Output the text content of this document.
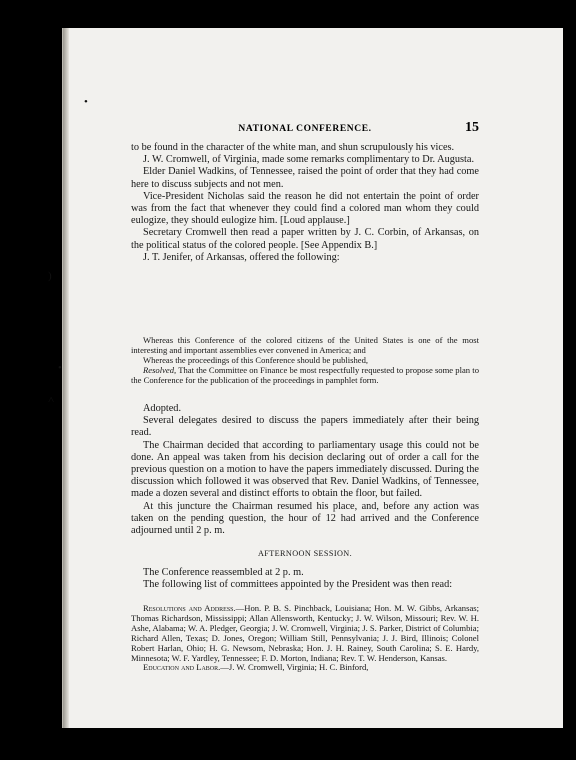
NATIONAL CONFERENCE.	15

to be found in the character of the white man, and shun scrupulously his vices.

J. W. Cromwell, of Virginia, made some remarks complimentary to Dr. Augusta.

Elder Daniel Wadkins, of Tennessee, raised the point of order that they had come here to discuss subjects and not men.

Vice-President Nicholas said the reason he did not entertain the point of order was from the fact that whenever they could find a colored man whom they could eulogize, they should eulogize him. [Loud applause.]

Secretary Cromwell then read a paper written by J. C. Corbin, of Arkansas, on the political status of the colored people. [See Appendix B.]

J. T. Jenifer, of Arkansas, offered the following:

Whereas this Conference of the colored citizens of the United States is one of the most interesting and important assemblies ever convened in America; and

Whereas the proceedings of this Conference should be published,

Resolved, That the Committee on Finance be most respectfully requested to propose some plan to the Conference for the publication of the proceedings in pamphlet form.

Adopted.

Several delegates desired to discuss the papers immediately after their being read.

The Chairman decided that according to parliamentary usage this could not be done. An appeal was taken from his decision declaring out of order a call for the previous question on a motion to have the papers immediately discussed. During the discussion which followed it was observed that Rev. Daniel Wadkins, of Tennessee, made a dozen several and distinct efforts to obtain the floor, but failed.

At this juncture the Chairman resumed his place, and, before any action was taken on the pending question, the hour of 12 had arrived and the Conference adjourned until 2 p. m.

AFTERNOON SESSION.

The Conference reassembled at 2 p. m.

The following list of committees appointed by the President was then read:

Resolutions and Address.—Hon. P. B. S. Pinchback, Louisiana; Hon. M. W. Gibbs, Arkansas; Thomas Richardson, Mississippi; Allan Allensworth, Kentucky; J. W. Wilson, Missouri; Rev. W. H. Ashe, Alabama; W. A. Pledger, Georgia; J. W. Cromwell, Virginia; J. S. Parker, District of Columbia; Richard Allen, Texas; D. Jones, Oregon; William Still, Pennsylvania; J. J. Bird, Illinois; Colonel Robert Harlan, Ohio; H. G. Newsom, Nebraska; Hon. J. H. Rainey, South Carolina; S. E. Hardy, Minnesota; W. F. Yardley, Tennessee; F. D. Morton, Indiana; Rev. T. W. Henderson, Kansas.

Education and Labor.—J. W. Cromwell, Virginia; H. C. Binford,

•
)
•
˄
